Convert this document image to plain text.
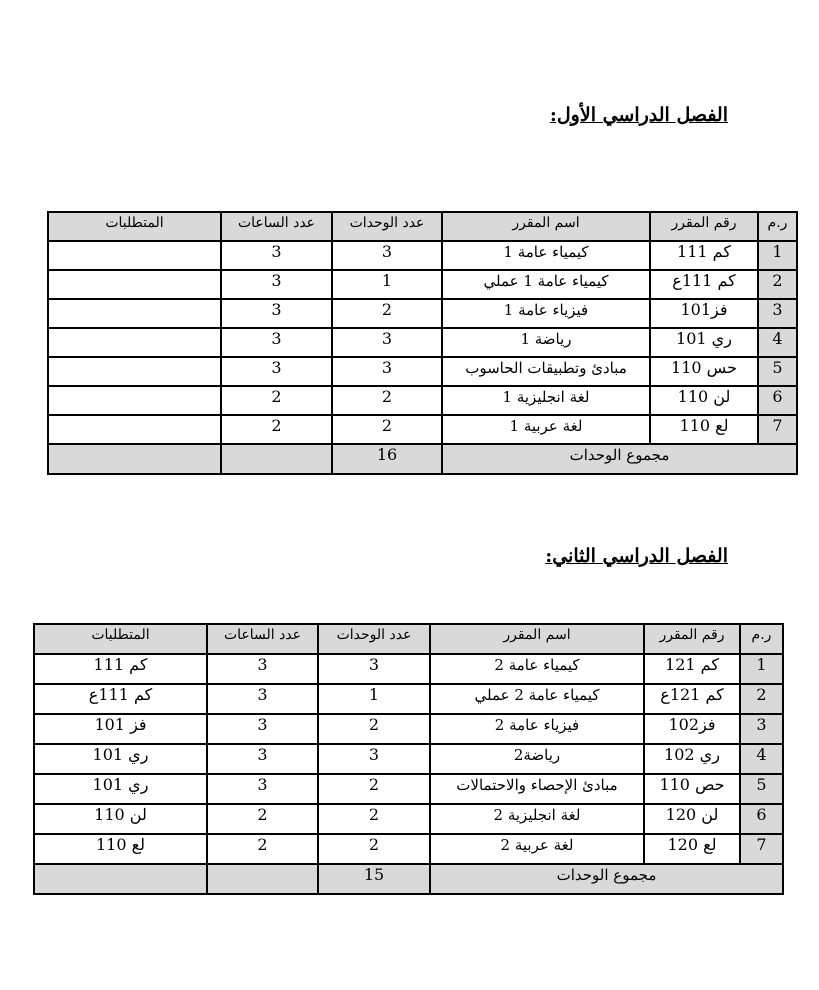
الفصل الدراسي الأول:
ر.م	رقم المقرر	اسم المقرر	عدد الوحدات	عدد الساعات	المتطلبات
1	كم 111	كيمياء عامة 1	3	3	
2	كم 111ع	كيمياء عامة 1 عملي	1	3	
3	فز101	فيزياء عامة 1	2	3	
4	ري 101	رياضة 1	3	3	
5	حس 110	مبادئ وتطبيقات الحاسوب	3	3	
6	لن 110	لغة انجليزية 1	2	2	
7	لع 110	لغة عربية 1	2	2	
مجموع الوحدات			16		
الفصل الدراسي الثاني:
ر.م	رقم المقرر	اسم المقرر	عدد الوحدات	عدد الساعات	المتطلبات
1	كم 121	كيمياء عامة 2	3	3	كم 111
2	كم 121ع	كيمياء عامة 2 عملي	1	3	كم 111ع
3	فز102	فيزياء عامة 2	2	3	فز 101
4	ري 102	رياضة2	3	3	ري 101
5	حص 110	مبادئ الإحصاء والاحتمالات	2	3	ري 101
6	لن 120	لغة انجليزية 2	2	2	لن 110
7	لع 120	لغة عربية 2	2	2	لع 110
مجموع الوحدات			15		
